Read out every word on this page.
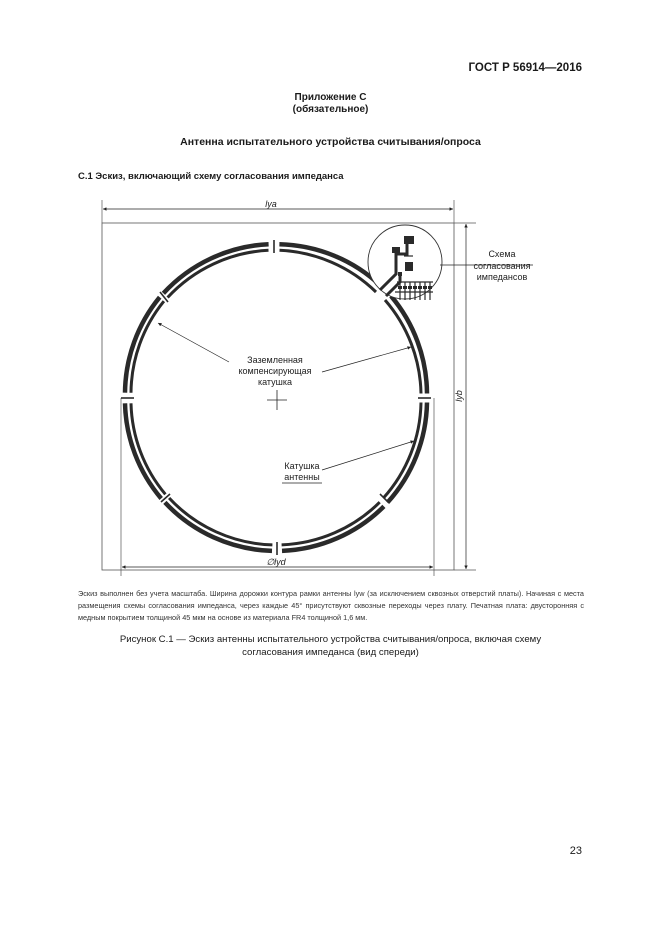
ГОСТ Р 56914—2016
Приложение С
(обязательное)
Антенна испытательного устройства считывания/опроса
С.1 Эскиз, включающий схему согласования импеданса
lya
lyb
∅lyd
Схема
согласования
импедансов
Заземленная
компенсирующая
катушка
Катушка
антенны
Эскиз выполнен без учета масштаба. Ширина дорожки контура рамки антенны lyw (за исключением сквозных отверстий платы). Начиная с места размещения схемы согласования импеданса, через каждые 45° присутствуют сквозные переходы через плату. Печатная плата: двусторонняя с медным покрытием толщиной 45 мкм на основе из материала FR4 толщиной 1,6 мм.
Рисунок С.1 — Эскиз антенны испытательного устройства считывания/опроса, включая схему
согласования импеданса (вид спереди)
23
